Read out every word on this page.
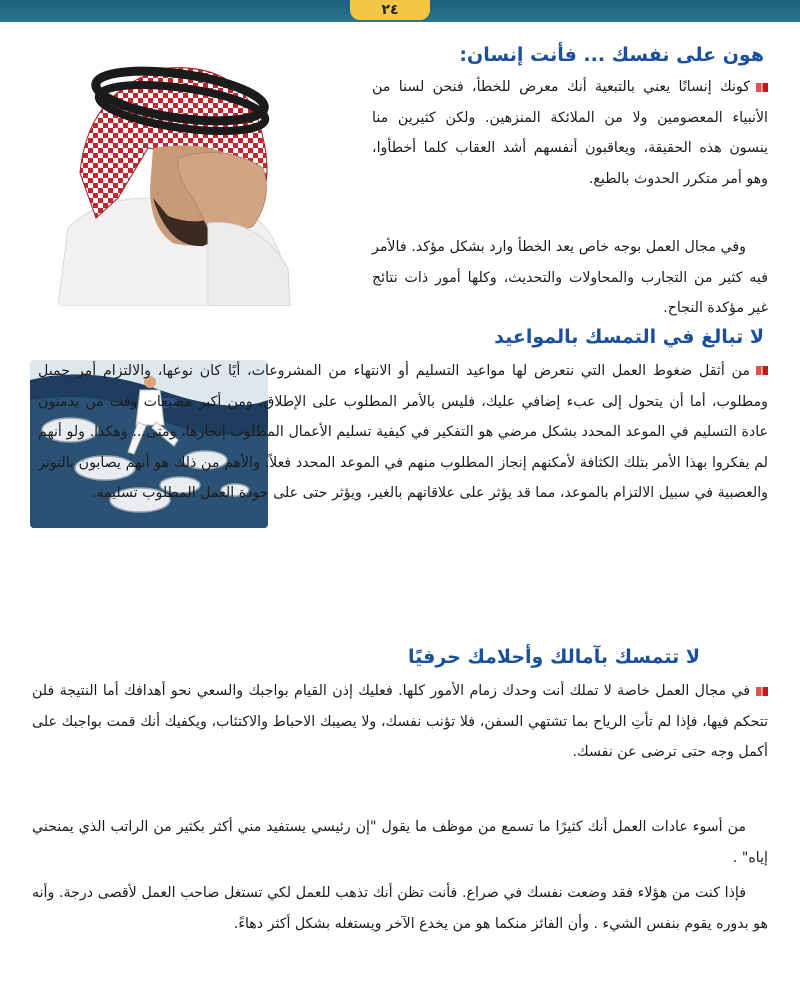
٢٤
هون على نفسك ... فأنت إنسان:

كونك إنسانًا يعني بالتبعية أنك معرض للخطأ، فنحن لسنا من الأنبياء المعصومين ولا من الملائكة المنزهين. ولكن كثيرين منا ينسون هذه الحقيقة، ويعاقبون أنفسهم أشد العقاب كلما أخطأوا، وهو أمر متكرر الحدوث بالطبع.

وفي مجال العمل بوجه خاص يعد الخطأ وارد بشكل مؤكد. فالأمر فيه كثير من التجارب والمحاولات والتحديث، وكلها أمور ذات نتائج غير مؤكدة النجاح.

لا تبالغ في التمسك بالمواعيد

من أثقل ضغوط العمل التي نتعرض لها مواعيد التسليم أو الانتهاء من المشروعات، أيًا كان نوعها، والالتزام أمر جميل ومطلوب، أما أن يتحول إلى عبء إضافي عليك، فليس بالأمر المطلوب على الإطلاق. ومن أكبر مضيعات وقت من يدمنون عادة التسليم في الموعد المحدد بشكل مرضي هو التفكير في كيفية تسليم الأعمال المطلوب إنجازها، ومتى... وهكذا. ولو أنهم لم يفكروا بهذا الأمر بتلك الكثافة لأمكنهم إنجاز المطلوب منهم في الموعد المحدد فعلاً. والأهم من ذلك هو أنهم يصابون بالتوتر والعصبية في سبيل الالتزام بالموعد، مما قد يؤثر على علاقاتهم بالغير، ويؤثر حتى على جودة العمل المطلوب تسليمه.

لا تتمسك بآمالك وأحلامك حرفيًا

في مجال العمل خاصة لا تملك أنت وحدك زمام الأمور كلها. فعليك إذن القيام بواجبك والسعي نحو أهدافك أما النتيجة فلن تتحكم فيها، فإذا لم تأتِ الرياح بما تشتهي السفن، فلا تؤنب نفسك، ولا يصيبك الاحباط والاكتئاب، ويكفيك أنك قمت بواجبك على أكمل وجه حتى ترضى عن نفسك.

من أسوء عادات العمل أنك كثيرًا ما تسمع من موظف ما يقول "إن رئيسي يستفيد مني أكثر بكثير من الراتب الذي يمنحني إياه" .

فإذا كنت من هؤلاء فقد وضعت نفسك في صراع. فأنت تظن أنك تذهب للعمل لكي تستغل صاحب العمل لأقصى درجة. وأنه هو بدوره يقوم بنفس الشيء . وأن الفائز منكما هو من يخدع الآخر ويستغله بشكل أكثر دهاءً.
